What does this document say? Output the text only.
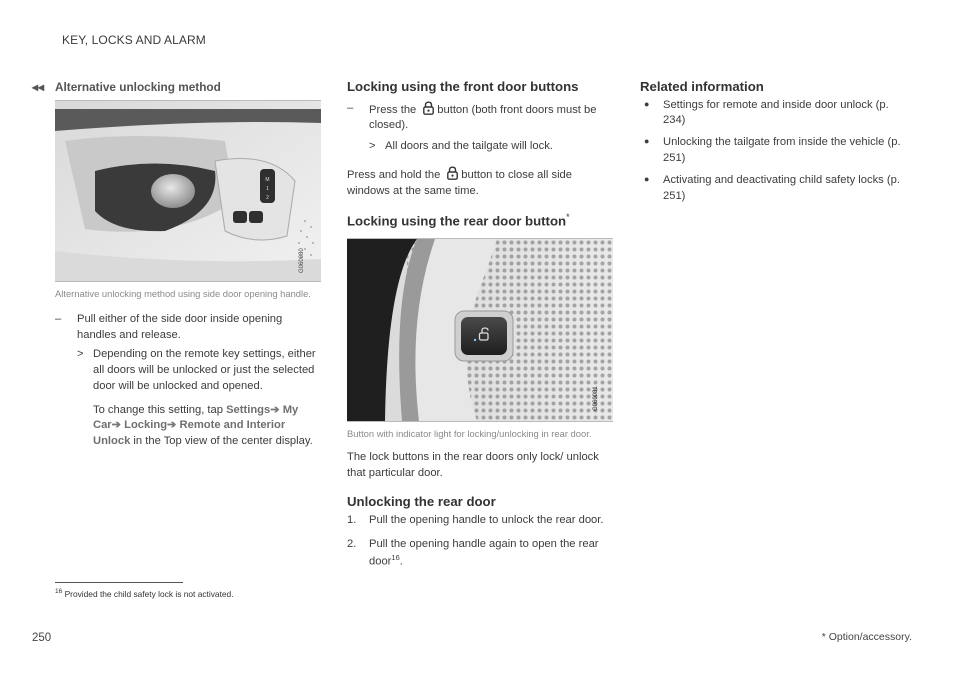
KEY, LOCKS AND ALARM
◂◂ Alternative unlocking method
M
1
2
G060080
Alternative unlocking method using side door opening handle.
– Pull either of the side door inside opening handles and release.
> Depending on the remote key settings, either all doors will be unlocked or just the selected door will be unlocked and opened.
To change this setting, tap Settings➔ My Car➔ Locking➔ Remote and Interior Unlock in the Top view of the center display.
Locking using the front door buttons
– Press the button (both front doors must be closed).
> All doors and the tailgate will lock.
Press and hold the button to close all side windows at the same time.
Locking using the rear door button*
G060081
Button with indicator light for locking/unlocking in rear door.
The lock buttons in the rear doors only lock/ unlock that particular door.
Unlocking the rear door
1. Pull the opening handle to unlock the rear door.
2. Pull the opening handle again to open the rear door$^{16}$.
Related information
● Settings for remote and inside door unlock (p. 234)
● Unlocking the tailgate from inside the vehicle (p. 251)
● Activating and deactivating child safety locks (p. 251)
$^{16}$ Provided the child safety lock is not activated.
250	* Option/accessory.
